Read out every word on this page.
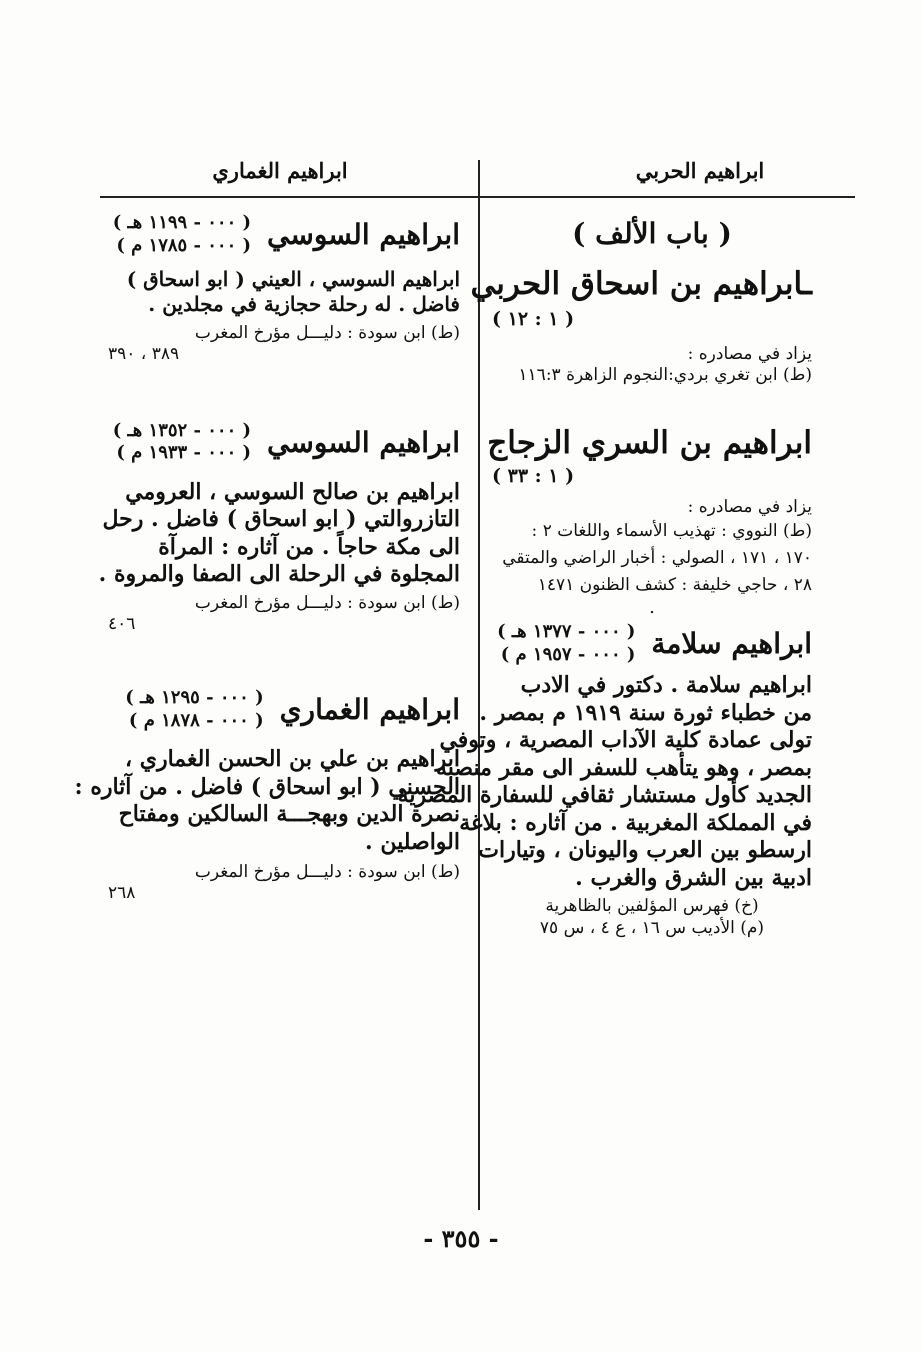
ابراهيم الحربي
ابراهيم الغماري
( باب الألف )
ـابراهيم بن اسحاق الحربي
( ١ : ١٢ )
يزاد في مصادره :
(ط) ابن تغري بردي:النجوم الزاهرة ١١٦:٣
ابراهيم بن السري الزجاج
( ١ : ٣٣ )
يزاد في مصادره :
(ط) النووي : تهذيب الأسماء واللغات ٢ :
١٧٠ ، ١٧١ ، الصولي : أخبار الراضي والمتقي
٢٨ ، حاجي خليفة : كشف الظنون ١٤٧١
.
ابراهيم سلامة
( ٠٠٠ - ١٣٧٧ هـ )
( ٠٠٠ - ١٩٥٧ م )
ابراهيم سلامة . دكتور في الادب
من خطباء ثورة سنة ١٩١٩ م بمصر .
تولى عمادة كلية الآداب المصرية ، وتوفي
بمصر ، وهو يتأهب للسفر الى مقر منصبه
الجديد كأول مستشار ثقافي للسفارة المصرية
في المملكة المغربية . من آثاره : بلاغة
ارسطو بين العرب واليونان ، وتيارات
ادبية بين الشرق والغرب .
(خ) فهرس المؤلفين بالظاهرية
(م) الأديب س ١٦ ، ع ٤ ، س ٧٥
ابراهيم السوسي
( ٠٠٠ - ١١٩٩ هـ )
( ٠٠٠ - ١٧٨٥ م )
ابراهيم السوسي ، العيني ( ابو اسحاق )
فاضل . له رحلة حجازية في مجلدين .
(ط) ابن سودة : دليـــل مؤرخ المغرب
٣٨٩ ، ٣٩٠
ابراهيم السوسي
( ٠٠٠ - ١٣٥٢ هـ )
( ٠٠٠ - ١٩٣٣ م )
ابراهيم بن صالح السوسي ، العرومي
التازروالتي ( ابو اسحاق ) فاضل . رحل
الى مكة حاجاً . من آثاره : المرآة
المجلوة في الرحلة الى الصفا والمروة .
(ط) ابن سودة : دليـــل مؤرخ المغرب
٤٠٦
ابراهيم الغماري
( ٠٠٠ - ١٢٩٥ هـ )
( ٠٠٠ - ١٨٧٨ م )
ابراهيم بن علي بن الحسن الغماري ،
الحسني ( ابو اسحاق ) فاضل . من آثاره :
نصرة الدين وبهجـــة السالكين ومفتاح
الواصلين .
(ط) ابن سودة : دليـــل مؤرخ المغرب
٢٦٨
- ٣٥٥ -
